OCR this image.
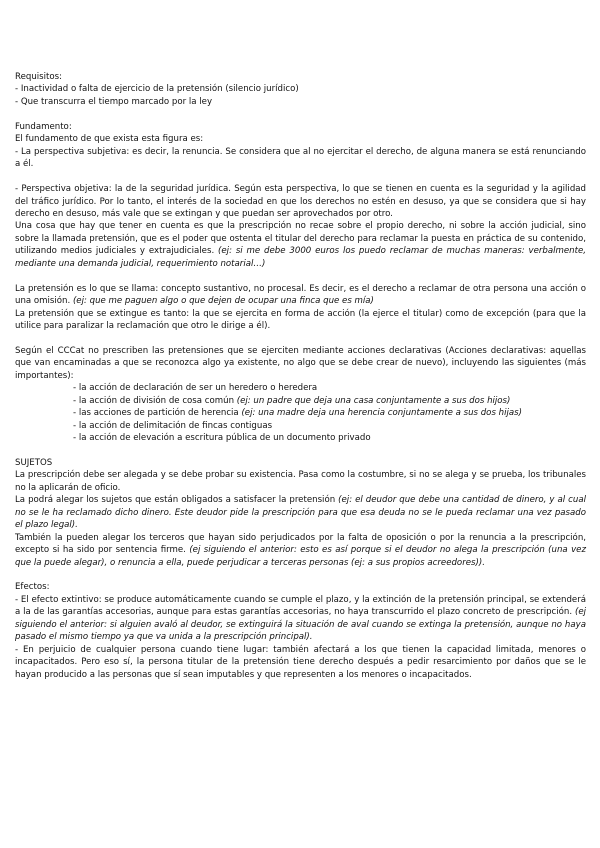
Requisitos:

- Inactividad o falta de ejercicio de la pretensión (silencio jurídico)

- Que transcurra el tiempo marcado por la ley

Fundamento:

El fundamento de que exista esta figura es:

- La perspectiva subjetiva: es decir, la renuncia. Se considera que al no ejercitar el derecho, de alguna manera se está renunciando a él.

- Perspectiva objetiva: la de la seguridad jurídica. Según esta perspectiva, lo que se tienen en cuenta es la seguridad y la agilidad del tráfico jurídico. Por lo tanto, el interés de la sociedad en que los derechos no estén en desuso, ya que se considera que si hay derecho en desuso, más vale que se extingan y que puedan ser aprovechados por otro.

Una cosa que hay que tener en cuenta es que la prescripción no recae sobre el propio derecho, ni sobre la acción judicial, sino sobre la llamada pretensión, que es el poder que ostenta el titular del derecho para reclamar la puesta en práctica de su contenido, utilizando medios judiciales y extrajudiciales. (ej: si me debe 3000 euros los puedo reclamar de muchas maneras: verbalmente, mediante una demanda judicial, requerimiento notarial…)

La pretensión es lo que se llama: concepto sustantivo, no procesal. Es decir, es el derecho a reclamar de otra persona una acción o una omisión. (ej: que me paguen algo o que dejen de ocupar una finca que es mía)

La pretensión que se extingue es tanto: la que se ejercita en forma de acción (la ejerce el titular) como de excepción (para que la utilice para paralizar la reclamación que otro le dirige a él).

Según el CCCat no prescriben las pretensiones que se ejerciten mediante acciones declarativas (Acciones declarativas: aquellas que van encaminadas a que se reconozca algo ya existente, no algo que se debe crear de nuevo), incluyendo las siguientes (más importantes):

- la acción de declaración de ser un heredero o heredera

- la acción de división de cosa común (ej: un padre que deja una casa conjuntamente a sus dos hijos)

- las acciones de partición de herencia (ej: una madre deja una herencia conjuntamente a sus dos hijas)

- la acción de delimitación de fincas contiguas

- la acción de elevación a escritura pública de un documento privado

SUJETOS

La prescripción debe ser alegada y se debe probar su existencia. Pasa como la costumbre, si no se alega y se prueba, los tribunales no la aplicarán de oficio.

La podrá alegar los sujetos que están obligados a satisfacer la pretensión (ej: el deudor que debe una cantidad de dinero, y al cual no se le ha reclamado dicho dinero. Este deudor pide la prescripción para que esa deuda no se le pueda reclamar una vez pasado el plazo legal).

También la pueden alegar los terceros que hayan sido perjudicados por la falta de oposición o por la renuncia a la prescripción, excepto si ha sido por sentencia firme. (ej siguiendo el anterior: esto es así porque si el deudor no alega la prescripción (una vez que la puede alegar), o renuncia a ella, puede perjudicar a terceras personas (ej: a sus propios acreedores)).

Efectos:

- El efecto extintivo: se produce automáticamente cuando se cumple el plazo, y la extinción de la pretensión principal, se extenderá a la de las garantías accesorias, aunque para estas garantías accesorias, no haya transcurrido el plazo concreto de prescripción. (ej siguiendo el anterior: si alguien avaló al deudor, se extinguirá la situación de aval cuando se extinga la pretensión, aunque no haya pasado el mismo tiempo ya que va unida a la prescripción principal).

- En perjuicio de cualquier persona cuando tiene lugar: también afectará a los que tienen la capacidad limitada, menores o incapacitados. Pero eso sí, la persona titular de la pretensión tiene derecho después a pedir resarcimiento por daños que se le hayan producido a las personas que sí sean imputables y que representen a los menores o incapacitados.
